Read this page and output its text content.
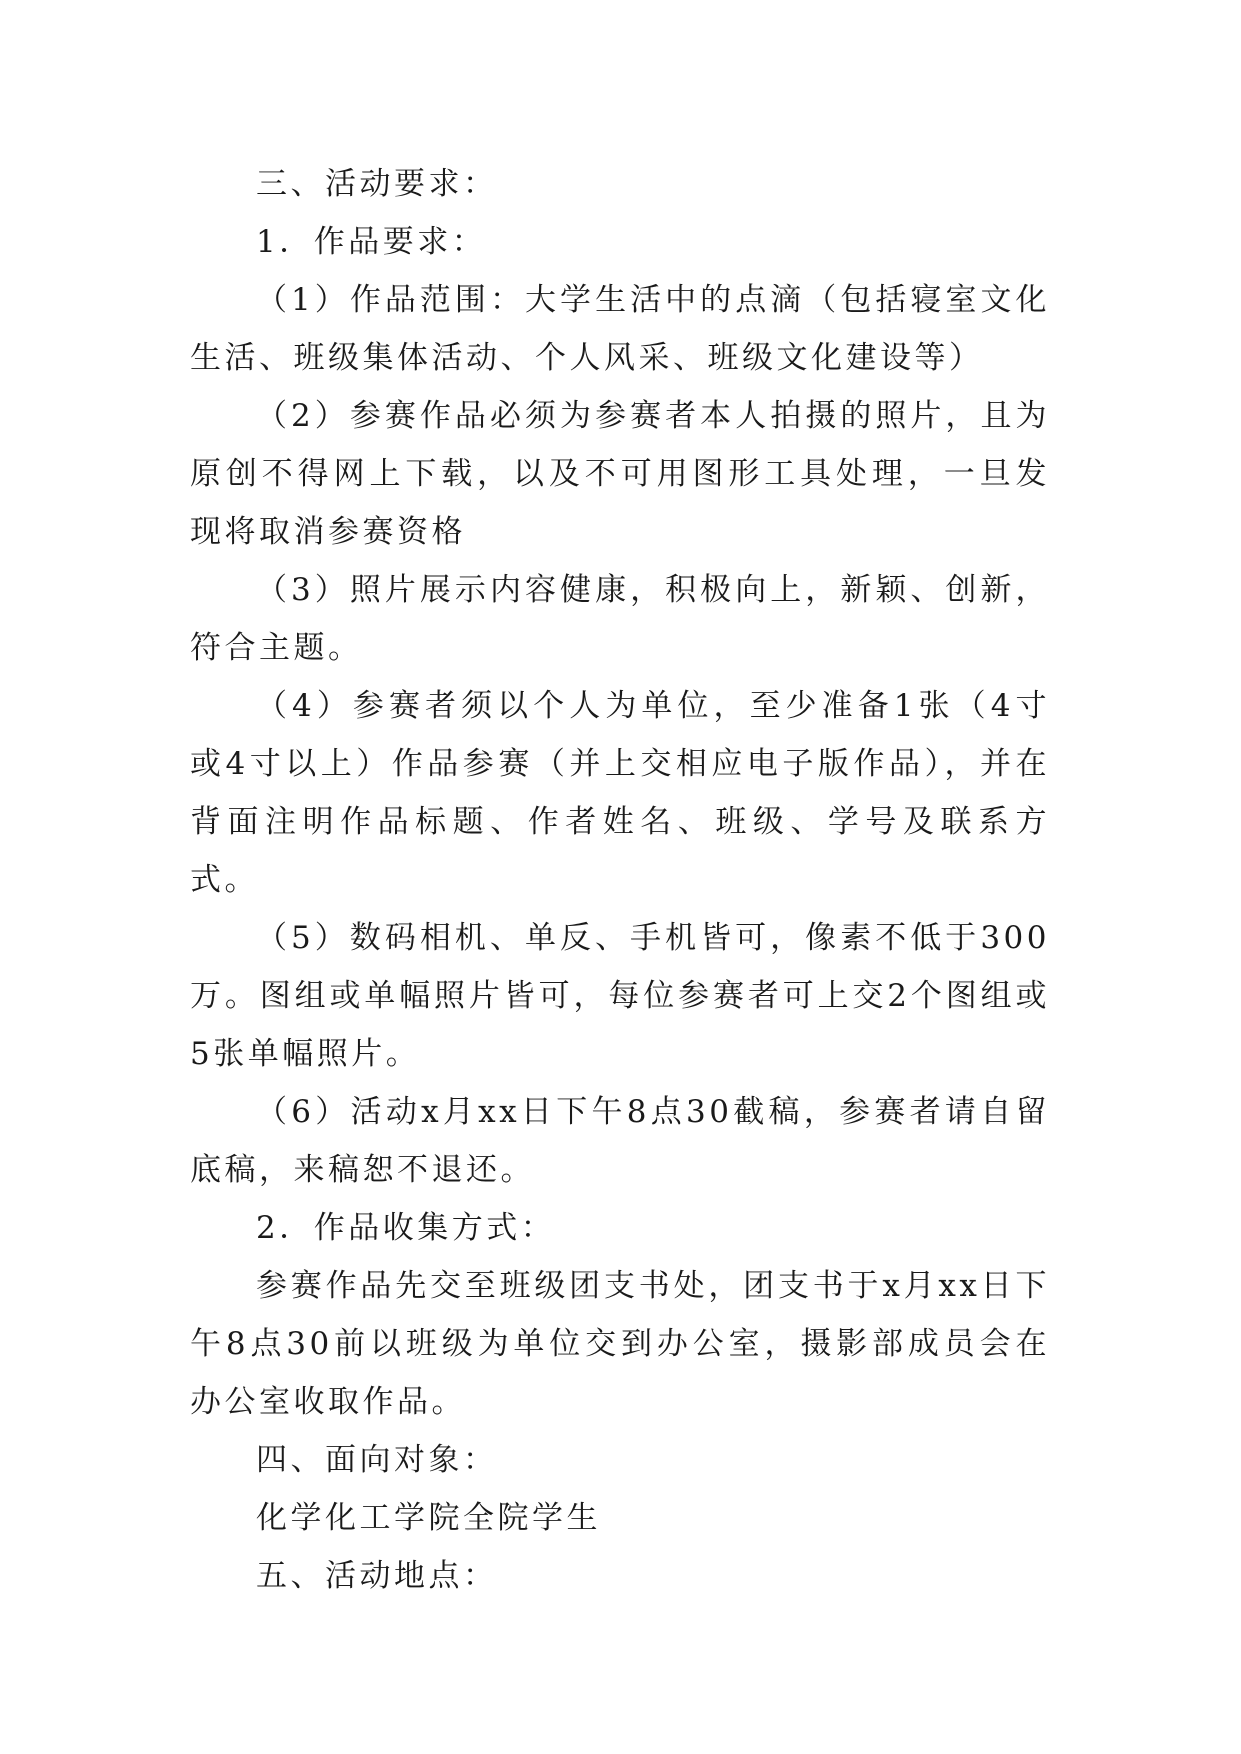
三、活动要求：

1．作品要求：

（1）作品范围：大学生活中的点滴（包括寝室文化生活、班级集体活动、个人风采、班级文化建设等）

（2）参赛作品必须为参赛者本人拍摄的照片，且为原创不得网上下载，以及不可用图形工具处理，一旦发现将取消参赛资格

（3）照片展示内容健康，积极向上，新颖、创新，符合主题。

（4）参赛者须以个人为单位，至少准备1张（4寸或4寸以上）作品参赛（并上交相应电子版作品），并在背面注明作品标题、作者姓名、班级、学号及联系方式。

（5）数码相机、单反、手机皆可，像素不低于300万。图组或单幅照片皆可，每位参赛者可上交2个图组或5张单幅照片。

（6）活动x月xx日下午8点30截稿，参赛者请自留底稿，来稿恕不退还。

2．作品收集方式：

参赛作品先交至班级团支书处，团支书于x月xx日下午8点30前以班级为单位交到办公室，摄影部成员会在办公室收取作品。

四、面向对象：

化学化工学院全院学生

五、活动地点：
